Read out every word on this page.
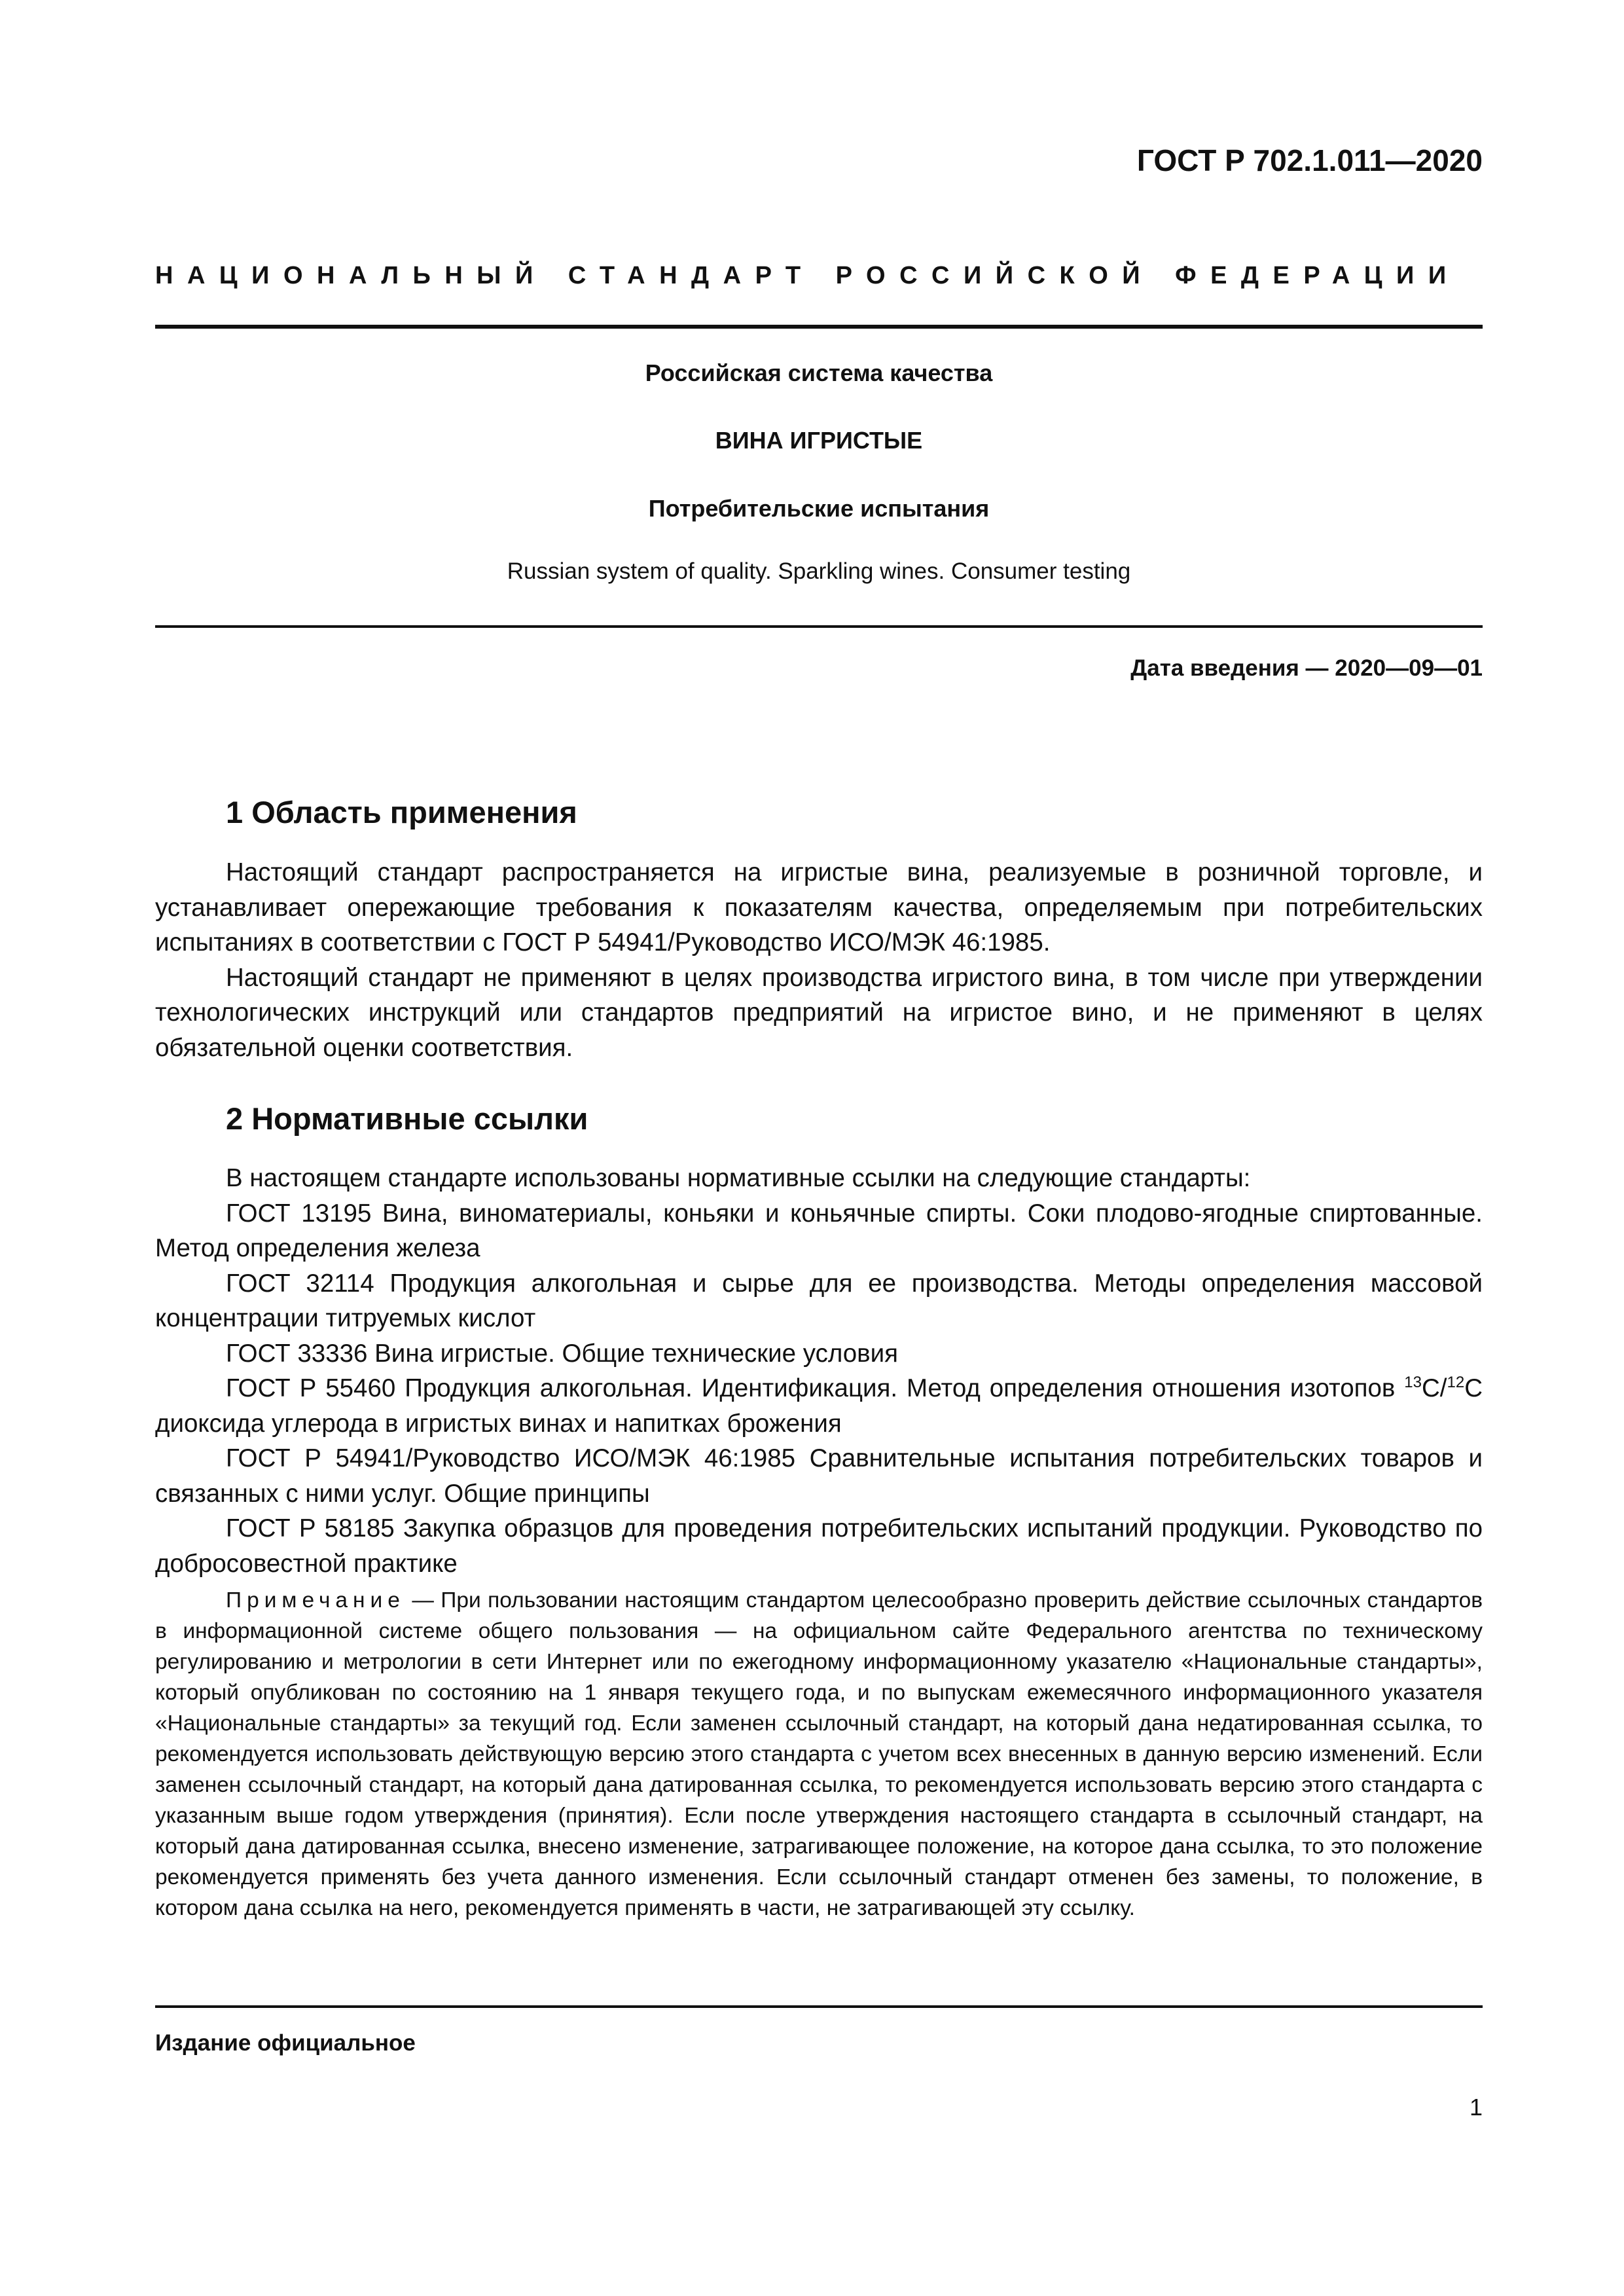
ГОСТ Р 702.1.011—2020
НАЦИОНАЛЬНЫЙ СТАНДАРТ РОССИЙСКОЙ ФЕДЕРАЦИИ
Российская система качества
ВИНА ИГРИСТЫЕ
Потребительские испытания
Russian system of quality. Sparkling wines. Consumer testing
Дата введения — 2020—09—01
1 Область применения

Настоящий стандарт распространяется на игристые вина, реализуемые в розничной торговле, и устанавливает опережающие требования к показателям качества, определяемым при потребительских испытаниях в соответствии с ГОСТ Р 54941/Руководство ИСО/МЭК 46:1985.

Настоящий стандарт не применяют в целях производства игристого вина, в том числе при утверждении технологических инструкций или стандартов предприятий на игристое вино, и не применяют в целях обязательной оценки соответствия.

2 Нормативные ссылки

В настоящем стандарте использованы нормативные ссылки на следующие стандарты:

ГОСТ 13195 Вина, виноматериалы, коньяки и коньячные спирты. Соки плодово-ягодные спиртованные. Метод определения железа

ГОСТ 32114 Продукция алкогольная и сырье для ее производства. Методы определения массовой концентрации титруемых кислот

ГОСТ 33336 Вина игристые. Общие технические условия

ГОСТ Р 55460 Продукция алкогольная. Идентификация. Метод определения отношения изотопов $^{13}$C/$^{12}$C диоксида углерода в игристых винах и напитках брожения

ГОСТ Р 54941/Руководство ИСО/МЭК 46:1985 Сравнительные испытания потребительских товаров и связанных с ними услуг. Общие принципы

ГОСТ Р 58185 Закупка образцов для проведения потребительских испытаний продукции. Руководство по добросовестной практике

Примечание — При пользовании настоящим стандартом целесообразно проверить действие ссылочных стандартов в информационной системе общего пользования — на официальном сайте Федерального агентства по техническому регулированию и метрологии в сети Интернет или по ежегодному информационному указателю «Национальные стандарты», который опубликован по состоянию на 1 января текущего года, и по выпускам ежемесячного информационного указателя «Национальные стандарты» за текущий год. Если заменен ссылочный стандарт, на который дана недатированная ссылка, то рекомендуется использовать действующую версию этого стандарта с учетом всех внесенных в данную версию изменений. Если заменен ссылочный стандарт, на который дана датированная ссылка, то рекомендуется использовать версию этого стандарта с указанным выше годом утверждения (принятия). Если после утверждения настоящего стандарта в ссылочный стандарт, на который дана датированная ссылка, внесено изменение, затрагивающее положение, на которое дана ссылка, то это положение рекомендуется применять без учета данного изменения. Если ссылочный стандарт отменен без замены, то положение, в котором дана ссылка на него, рекомендуется применять в части, не затрагивающей эту ссылку.

Издание официальное
1
